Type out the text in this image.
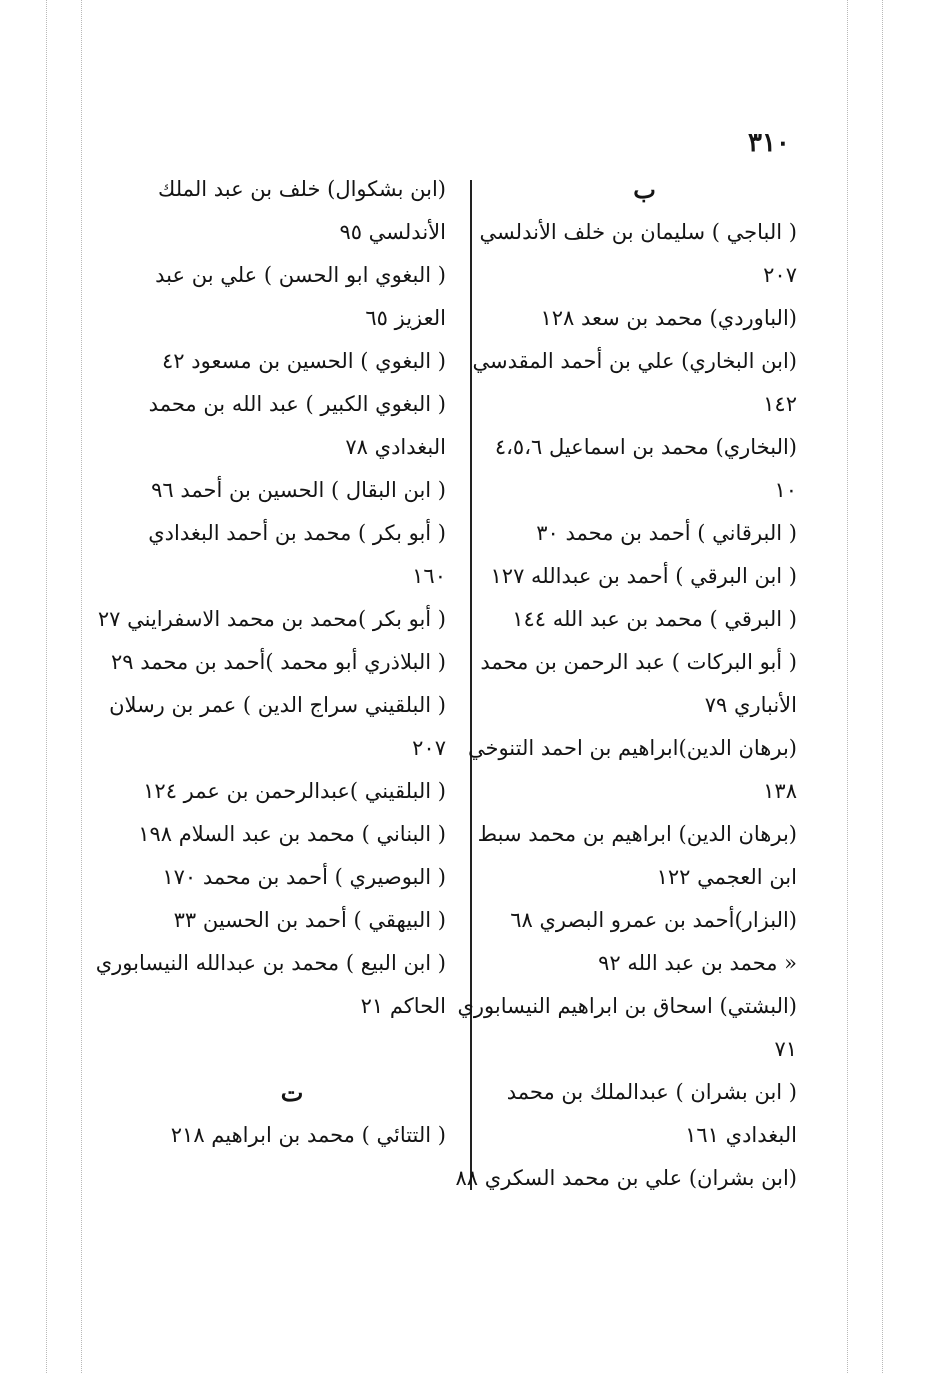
٣١٠
ب
( الباجي ) سليمان بن خلف الأندلسي
٢٠٧
(الباوردي) محمد بن سعد ١٢٨
(ابن البخاري) علي بن أحمد المقدسي
١٤٢
(البخاري) محمد بن اسماعيل ٤،٥،٦
١٠
( البرقاني ) أحمد بن محمد ٣٠
( ابن البرقي ) أحمد بن عبدالله ١٢٧
( البرقي ) محمد بن عبد الله ١٤٤
( أبو البركات ) عبد الرحمن بن محمد
الأنباري ٧٩
(برهان الدين)ابراهيم بن احمد التنوخي
١٣٨
(برهان الدين) ابراهيم بن محمد سبط
ابن العجمي ١٢٢
(البزار)أحمد بن عمرو البصري ٦٨
« محمد بن عبد الله ٩٢
(البشتي) اسحاق بن ابراهيم النيسابوري
٧١
( ابن بشران ) عبدالملك بن محمد
البغدادي ١٦١
(ابن بشران) علي بن محمد السكري ٨٨
(ابن بشكوال) خلف بن عبد الملك
الأندلسي ٩٥
( البغوي ابو الحسن ) علي بن عبد
العزيز ٦٥
( البغوي ) الحسين بن مسعود ٤٢
( البغوي الكبير ) عبد الله بن محمد
البغدادي ٧٨
( ابن البقال ) الحسين بن أحمد ٩٦
( أبو بكر ) محمد بن أحمد البغدادي
١٦٠
( أبو بكر )محمد بن محمد الاسفرايني ٢٧
( البلاذري أبو محمد )أحمد بن محمد ٢٩
( البلقيني سراج الدين ) عمر بن رسلان
٢٠٧
( البلقيني )عبدالرحمن بن عمر ١٢٤
( البناني ) محمد بن عبد السلام ١٩٨
( البوصيري ) أحمد بن محمد ١٧٠
( البيهقي ) أحمد بن الحسين ٣٣
( ابن البيع ) محمد بن عبدالله النيسابوري
الحاكم ٢١
ت
( التتائي ) محمد بن ابراهيم ٢١٨
